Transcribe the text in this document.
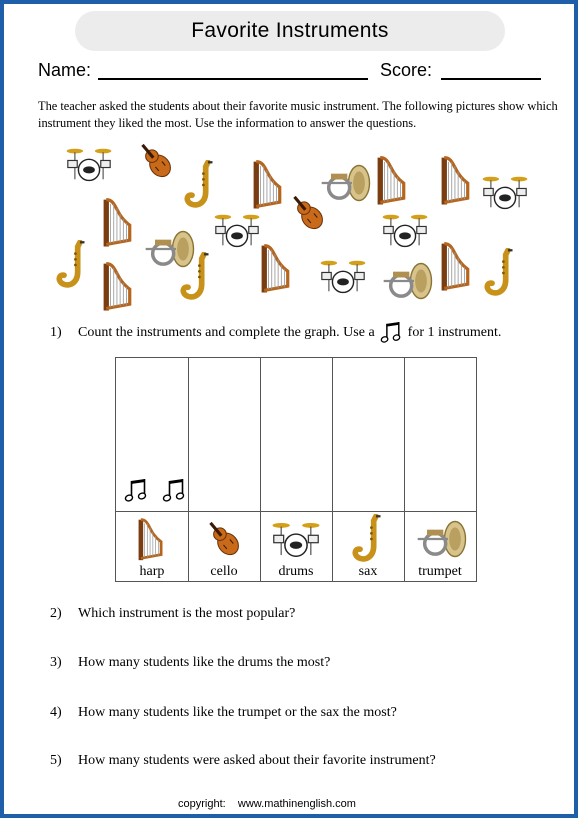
Favorite Instruments
Name:	Score:
The teacher asked the students about their favorite music instrument. The following pictures show which instrument they liked the most. Use the information to answer the questions.
1) Count the instruments and complete the graph. Use a for 1 instrument.

harp	cello	drums	sax	trumpet
2) Which instrument is the most popular?
3) How many students like the drums the most?
4) How many students like the trumpet or the sax the most?
5) How many students were asked about their favorite instrument?
copyright:    www.mathinenglish.com
